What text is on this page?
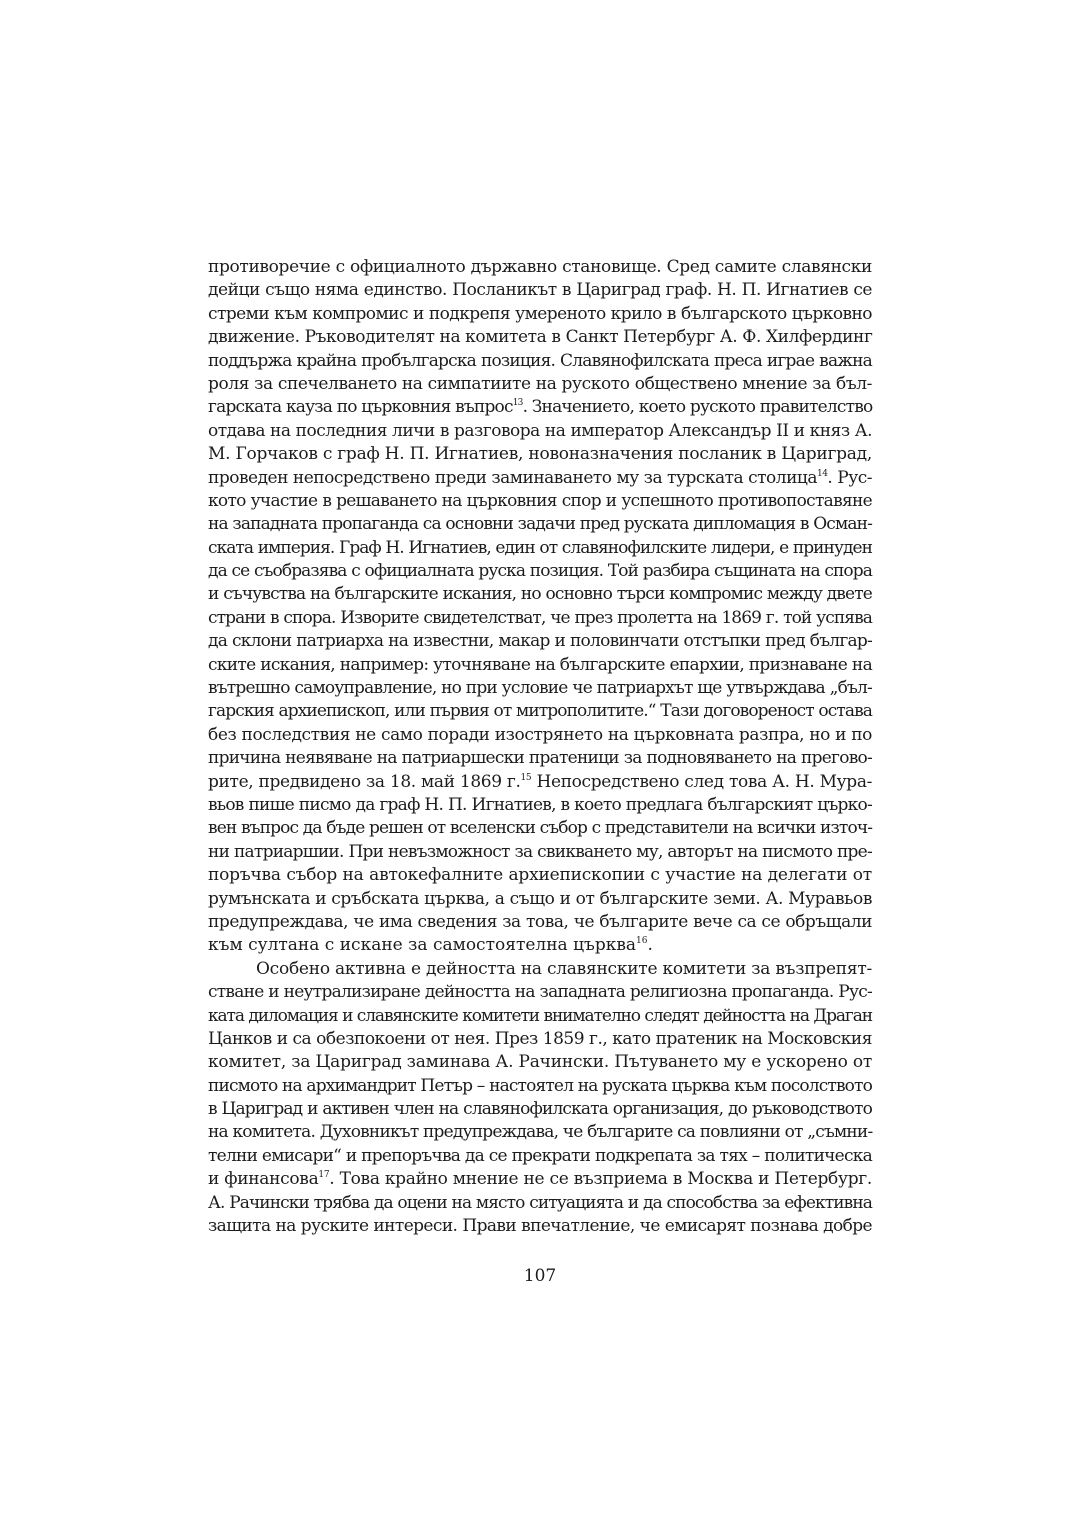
противоречие с официалното държавно становище. Сред самите славянски
дейци също няма единство. Посланикът в Цариград граф. Н. П. Игнатиев се
стреми към компромис и подкрепя умереното крило в българското църковно
движение. Ръководителят на комитета в Санкт Петербург А. Ф. Хилфердинг
поддържа крайна пробългарска позиция. Славянофилската преса играе важна
роля за спечелването на симпатиите на руското обществено мнение за бъл-
гарската кауза по църковния въпрос$^{13}$. Значението, което руското правителство
отдава на последния личи в разговора на император Александър II и княз А.
М. Горчаков с граф Н. П. Игнатиев, новоназначения посланик в Цариград,
проведен непосредствено преди заминаването му за турската столица$^{14}$. Рус-
кото участие в решаването на църковния спор и успешното противопоставяне
на западната пропаганда са основни задачи пред руската дипломация в Осман-
ската империя. Граф Н. Игнатиев, един от славянофилските лидери, е принуден
да се съобразява с официалната руска позиция. Той разбира същината на спора
и съчувства на българските искания, но основно търси компромис между двете
страни в спора. Изворите свидетелстват, че през пролетта на 1869 г. той успява
да склони патриарха на известни, макар и половинчати отстъпки пред българ-
ските искания, например: уточняване на българските епархии, признаване на
вътрешно самоуправление, но при условие че патриархът ще утвърждава „бъл-
гарския архиепископ, или първия от митрополитите.“ Тази договореност остава
без последствия не само поради изострянето на църковната разпра, но и по
причина неявяване на патриаршески пратеници за подновяването на прегово-
рите, предвидено за 18. май 1869 г.$^{15}$ Непосредствено след това А. Н. Мура-
вьов пише писмо да граф Н. П. Игнатиев, в което предлага българският църко-
вен въпрос да бъде решен от вселенски събор с представители на всички източ-
ни патриаршии. При невъзможност за свикването му, авторът на писмото пре-
поръчва събор на автокефалните архиепископии с участие на делегати от
румънската и сръбската църква, а също и от българските земи. А. Муравьов
предупреждава, че има сведения за това, че българите вече са се обръщали
към султана с искане за самостоятелна църква$^{16}$.
Особено активна е дейността на славянските комитети за възпрепят-
стване и неутрализиране дейността на западната религиозна пропаганда. Рус-
ката диломация и славянските комитети внимателно следят дейността на Драган
Цанков и са обезпокоени от нея. През 1859 г., като пратеник на Московския
комитет, за Цариград заминава А. Рачински. Пътуването му е ускорено от
писмото на архимандрит Петър – настоятел на руската църква към посолството
в Цариград и активен член на славянофилската организация, до ръководството
на комитета. Духовникът предупреждава, че българите са повлияни от „съмни-
телни емисари“ и препоръчва да се прекрати подкрепата за тях – политическа
и финансова$^{17}$. Това крайно мнение не се възприема в Москва и Петербург.
А. Рачински трябва да оцени на място ситуацията и да способства за ефективна
защита на руските интереси. Прави впечатление, че емисарят познава добре
107
